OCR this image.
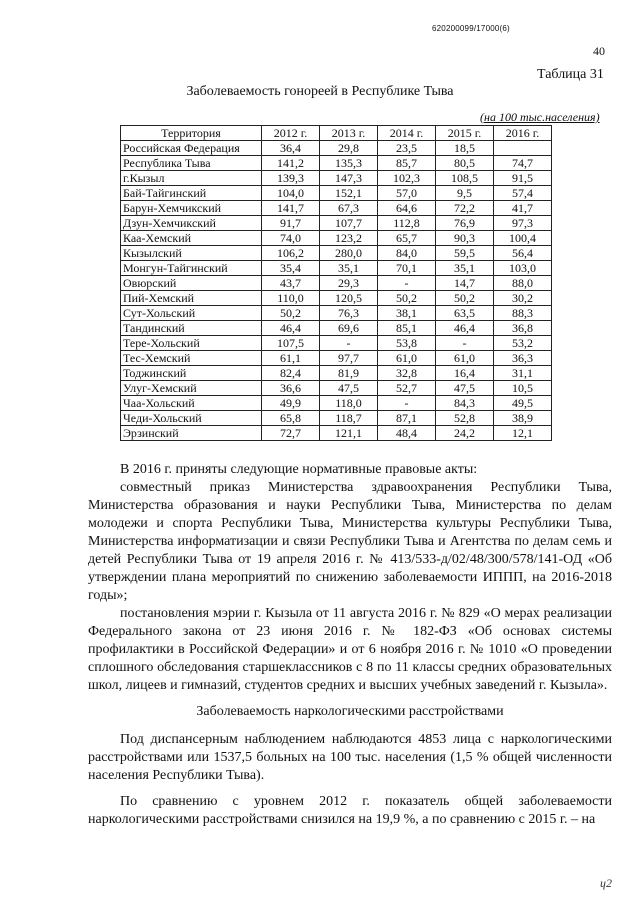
620200099/17000(6)
40
Таблица 31
Заболеваемость гонореей в Республике Тыва
(на 100 тыс.населения)
Территория	2012 г.	2013 г.	2014 г.	2015 г.	2016 г.
Российская Федерация	36,4	29,8	23,5	18,5	
Республика Тыва	141,2	135,3	85,7	80,5	74,7
г.Кызыл	139,3	147,3	102,3	108,5	91,5
Бай-Тайгинский	104,0	152,1	57,0	9,5	57,4
Барун-Хемчикский	141,7	67,3	64,6	72,2	41,7
Дзун-Хемчикский	91,7	107,7	112,8	76,9	97,3
Каа-Хемский	74,0	123,2	65,7	90,3	100,4
Кызылский	106,2	280,0	84,0	59,5	56,4
Монгун-Тайгинский	35,4	35,1	70,1	35,1	103,0
Овюрский	43,7	29,3	-	14,7	88,0
Пий-Хемский	110,0	120,5	50,2	50,2	30,2
Сут-Хольский	50,2	76,3	38,1	63,5	88,3
Тандинский	46,4	69,6	85,1	46,4	36,8
Тере-Хольский	107,5	-	53,8	-	53,2
Тес-Хемский	61,1	97,7	61,0	61,0	36,3
Тоджинский	82,4	81,9	32,8	16,4	31,1
Улуг-Хемский	36,6	47,5	52,7	47,5	10,5
Чаа-Хольский	49,9	118,0	-	84,3	49,5
Чеди-Хольский	65,8	118,7	87,1	52,8	38,9
Эрзинский	72,7	121,1	48,4	24,2	12,1

В 2016 г. приняты следующие нормативные правовые акты:

совместный приказ Министерства здравоохранения Республики Тыва, Министерства образования и науки Республики Тыва, Министерства по делам молодежи и спорта Республики Тыва, Министерства культуры Республики Тыва, Министерства информатизации и связи Республики Тыва и Агентства по делам семь и детей Республики Тыва от 19 апреля 2016 г. № 413/533-д/02/48/300/578/141-ОД «Об утверждении плана мероприятий по снижению заболеваемости ИППП, на 2016-2018 годы»;

постановления мэрии г. Кызыла от 11 августа 2016 г. № 829 «О мерах реализации Федерального закона от 23 июня 2016 г. № 182-ФЗ «Об основах системы профилактики в Российской Федерации» и от 6 ноября 2016 г. № 1010 «О проведении сплошного обследования старшеклассников с 8 по 11 классы средних образовательных школ, лицеев и гимназий, студентов средних и высших учебных заведений г. Кызыла».

Заболеваемость наркологическими расстройствами

Под диспансерным наблюдением наблюдаются 4853 лица с наркологическими расстройствами или 1537,5 больных на 100 тыс. населения (1,5 % общей численности населения Республики Тыва).

По сравнению с уровнем 2012 г. показатель общей заболеваемости наркологическими расстройствами снизился на 19,9 %, а по сравнению с 2015 г. – на

ɥ2
